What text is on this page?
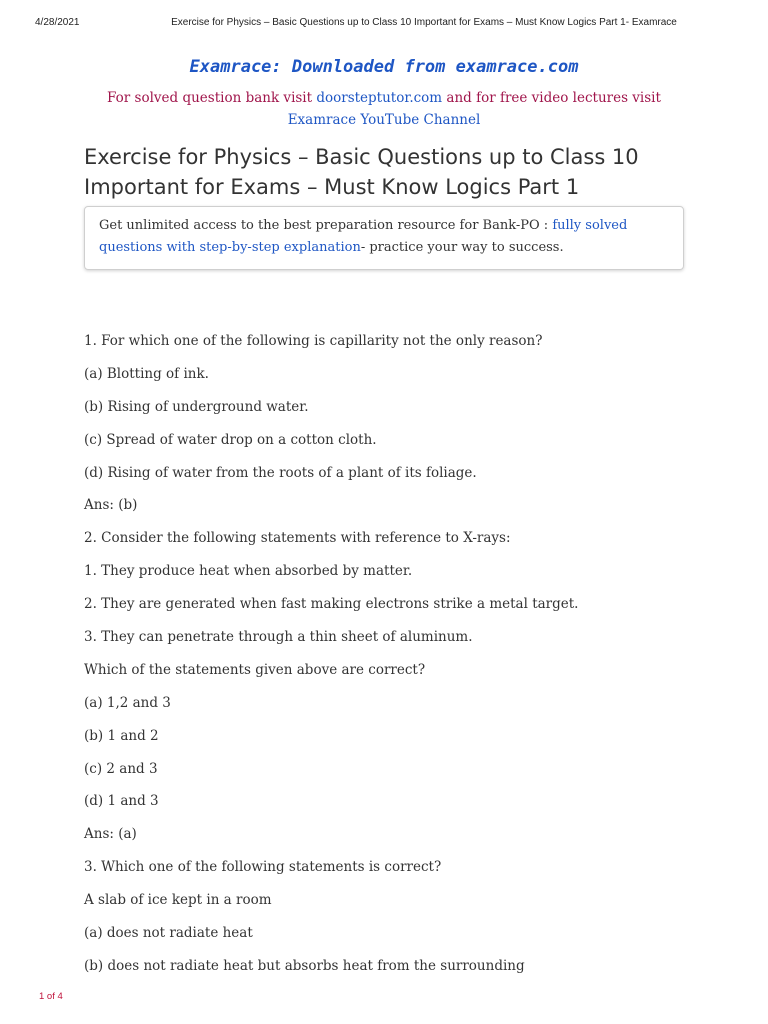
4/28/2021	Exercise for Physics – Basic Questions up to Class 10 Important for Exams – Must Know Logics Part 1- Examrace
Examrace: Downloaded from examrace.com
For solved question bank visit doorsteptutor.com and for free video lectures visit
Examrace YouTube Channel
Exercise for Physics – Basic Questions up to Class 10 Important for Exams – Must Know Logics Part 1
Get unlimited access to the best preparation resource for Bank-PO : fully solved questions with step-by-step explanation- practice your way to success.

1. For which one of the following is capillarity not the only reason?

(a) Blotting of ink.

(b) Rising of underground water.

(c) Spread of water drop on a cotton cloth.

(d) Rising of water from the roots of a plant of its foliage.

Ans: (b)

2. Consider the following statements with reference to X-rays:

1. They produce heat when absorbed by matter.

2. They are generated when fast making electrons strike a metal target.

3. They can penetrate through a thin sheet of aluminum.

Which of the statements given above are correct?

(a) 1,2 and 3

(b) 1 and 2

(c) 2 and 3

(d) 1 and 3

Ans: (a)

3. Which one of the following statements is correct?

A slab of ice kept in a room

(a) does not radiate heat

(b) does not radiate heat but absorbs heat from the surrounding

1 of 4
